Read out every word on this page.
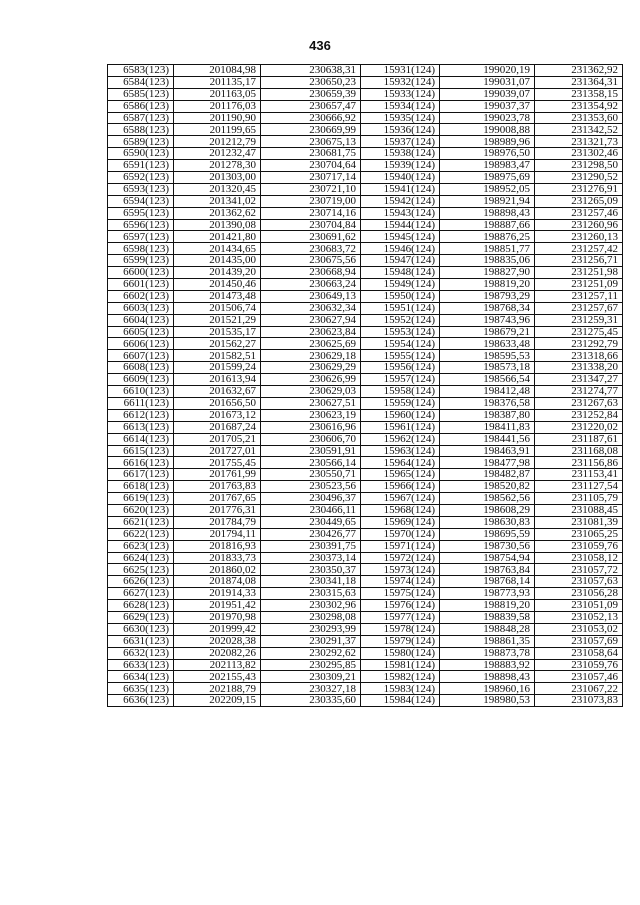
436
6583(123)	201084,98	230638,31	15931(124)	199020,19	231362,92
6584(123)	201135,17	230650,23	15932(124)	199031,07	231364,31
6585(123)	201163,05	230659,39	15933(124)	199039,07	231358,15
6586(123)	201176,03	230657,47	15934(124)	199037,37	231354,92
6587(123)	201190,90	230666,92	15935(124)	199023,78	231353,60
6588(123)	201199,65	230669,99	15936(124)	199008,88	231342,52
6589(123)	201212,79	230675,13	15937(124)	198989,96	231321,73
6590(123)	201232,47	230681,75	15938(124)	198976,50	231302,46
6591(123)	201278,30	230704,64	15939(124)	198983,47	231298,50
6592(123)	201303,00	230717,14	15940(124)	198975,69	231290,52
6593(123)	201320,45	230721,10	15941(124)	198952,05	231276,91
6594(123)	201341,02	230719,00	15942(124)	198921,94	231265,09
6595(123)	201362,62	230714,16	15943(124)	198898,43	231257,46
6596(123)	201390,08	230704,84	15944(124)	198887,66	231260,96
6597(123)	201421,80	230691,62	15945(124)	198876,25	231260,13
6598(123)	201434,65	230683,72	15946(124)	198851,77	231257,42
6599(123)	201435,00	230675,56	15947(124)	198835,06	231256,71
6600(123)	201439,20	230668,94	15948(124)	198827,90	231251,98
6601(123)	201450,46	230663,24	15949(124)	198819,20	231251,09
6602(123)	201473,48	230649,13	15950(124)	198793,29	231257,11
6603(123)	201506,74	230632,34	15951(124)	198768,34	231257,67
6604(123)	201521,29	230627,94	15952(124)	198743,96	231259,31
6605(123)	201535,17	230623,84	15953(124)	198679,21	231275,45
6606(123)	201562,27	230625,69	15954(124)	198633,48	231292,79
6607(123)	201582,51	230629,18	15955(124)	198595,53	231318,66
6608(123)	201599,24	230629,29	15956(124)	198573,18	231338,20
6609(123)	201613,94	230626,99	15957(124)	198566,54	231347,27
6610(123)	201632,67	230629,03	15958(124)	198412,48	231274,77
6611(123)	201656,50	230627,51	15959(124)	198376,58	231267,63
6612(123)	201673,12	230623,19	15960(124)	198387,80	231252,84
6613(123)	201687,24	230616,96	15961(124)	198411,83	231220,02
6614(123)	201705,21	230606,70	15962(124)	198441,56	231187,61
6615(123)	201727,01	230591,91	15963(124)	198463,91	231168,08
6616(123)	201755,45	230566,14	15964(124)	198477,98	231156,86
6617(123)	201761,99	230550,71	15965(124)	198482,87	231153,41
6618(123)	201763,83	230523,56	15966(124)	198520,82	231127,54
6619(123)	201767,65	230496,37	15967(124)	198562,56	231105,79
6620(123)	201776,31	230466,11	15968(124)	198608,29	231088,45
6621(123)	201784,79	230449,65	15969(124)	198630,83	231081,39
6622(123)	201794,11	230426,77	15970(124)	198695,59	231065,25
6623(123)	201816,93	230391,75	15971(124)	198730,56	231059,76
6624(123)	201833,73	230373,14	15972(124)	198754,94	231058,12
6625(123)	201860,02	230350,37	15973(124)	198763,84	231057,72
6626(123)	201874,08	230341,18	15974(124)	198768,14	231057,63
6627(123)	201914,33	230315,63	15975(124)	198773,93	231056,28
6628(123)	201951,42	230302,96	15976(124)	198819,20	231051,09
6629(123)	201970,98	230298,08	15977(124)	198839,58	231052,13
6630(123)	201999,42	230293,99	15978(124)	198848,28	231053,02
6631(123)	202028,38	230291,37	15979(124)	198861,35	231057,69
6632(123)	202082,26	230292,62	15980(124)	198873,78	231058,64
6633(123)	202113,82	230295,85	15981(124)	198883,92	231059,76
6634(123)	202155,43	230309,21	15982(124)	198898,43	231057,46
6635(123)	202188,79	230327,18	15983(124)	198960,16	231067,22
6636(123)	202209,15	230335,60	15984(124)	198980,53	231073,83
